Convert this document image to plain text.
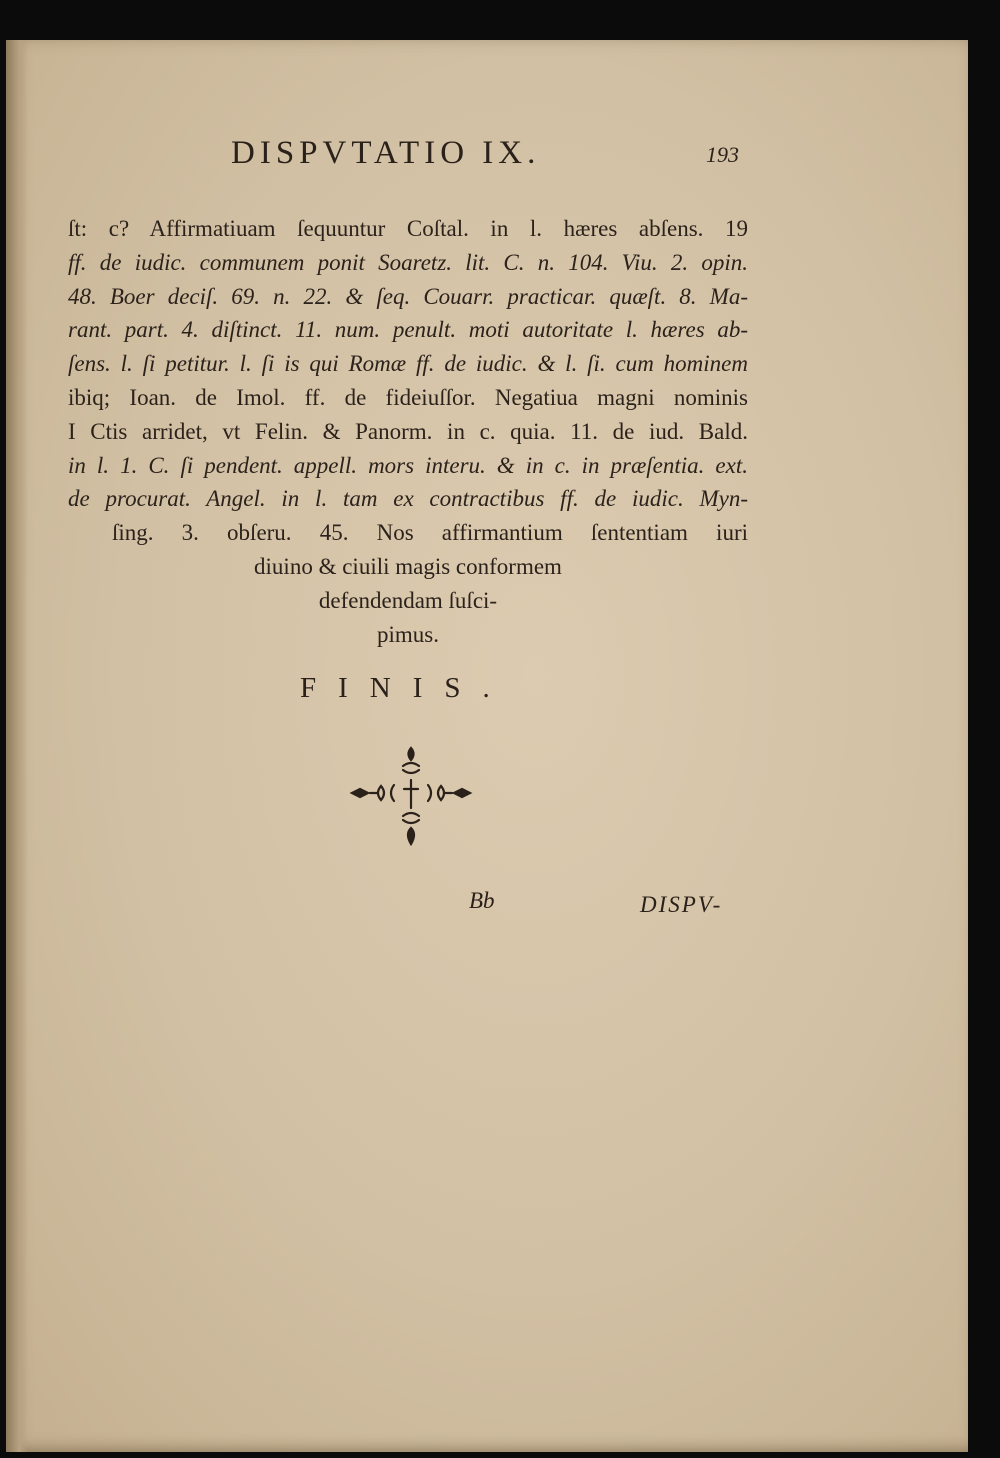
DISPVTATIO IX.	193
ſt: c? Affirmatiuam ſequuntur Coſtal. in l. hæres abſens. 19
ff. de iudic. communem ponit Soaretz. lit. C. n. 104. Viu. 2. opin.
48. Boer deciſ. 69. n. 22. & ſeq. Couarr. practicar. quæſt. 8. Ma-
rant. part. 4. diſtinct. 11. num. penult. moti autoritate l. hæres ab-
ſens. l. ſi petitur. l. ſi is qui Romæ ff. de iudic. & l. ſi. cum hominem
ibiq; Ioan. de Imol. ff. de fideiuſſor. Negatiua magni nominis
I Ctis arridet, vt Felin. & Panorm. in c. quia. 11. de iud. Bald.
in l. 1. C. ſi pendent. appell. mors interu. & in c. in præſentia. ext.
de procurat. Angel. in l. tam ex contractibus ff. de iudic. Myn-
ſing. 3. obſeru. 45. Nos affirmantium ſententiam iuri
diuino & ciuili magis conformem
defendendam ſuſci-
pimus.
FINIS.
Bb	DISPV-
